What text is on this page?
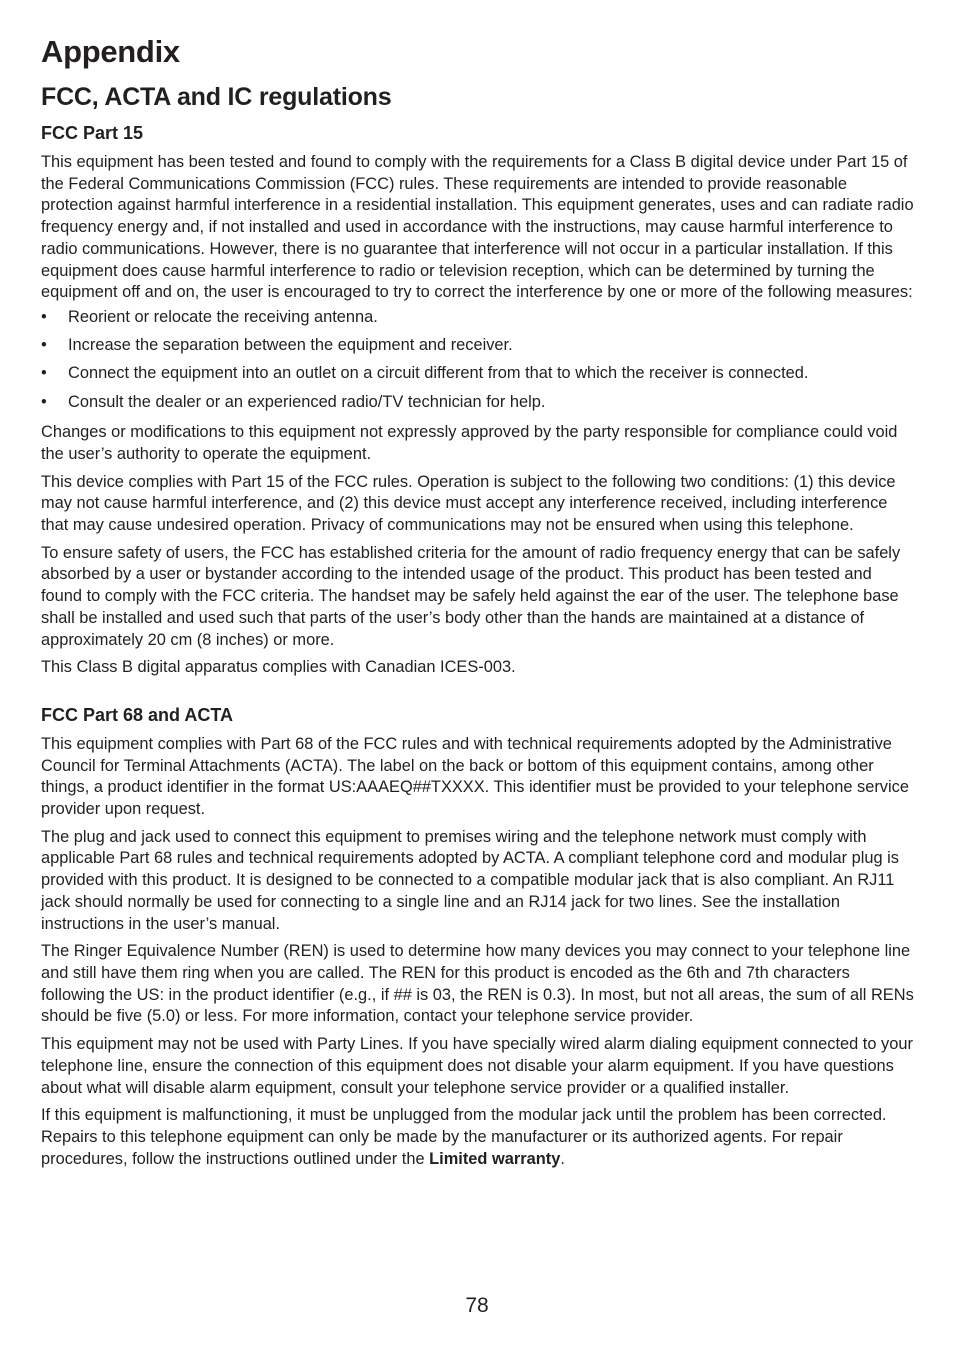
Appendix
FCC, ACTA and IC regulations
FCC Part 15

This equipment has been tested and found to comply with the requirements for a Class B digital device under Part 15 of the Federal Communications Commission (FCC) rules. These requirements are intended to provide reasonable protection against harmful interference in a residential installation. This equipment generates, uses and can radiate radio frequency energy and, if not installed and used in accordance with the instructions, may cause harmful interference to radio communications. However, there is no guarantee that interference will not occur in a particular installation. If this equipment does cause harmful interference to radio or television reception, which can be determined by turning the equipment off and on, the user is encouraged to try to correct the interference by one or more of the following measures:

• Reorient or relocate the receiving antenna.
• Increase the separation between the equipment and receiver.
• Connect the equipment into an outlet on a circuit different from that to which the receiver is connected.
• Consult the dealer or an experienced radio/TV technician for help.

Changes or modifications to this equipment not expressly approved by the party responsible for compliance could void the user’s authority to operate the equipment.

This device complies with Part 15 of the FCC rules. Operation is subject to the following two conditions: (1) this device may not cause harmful interference, and (2) this device must accept any interference received, including interference that may cause undesired operation. Privacy of communications may not be ensured when using this telephone.

To ensure safety of users, the FCC has established criteria for the amount of radio frequency energy that can be safely absorbed by a user or bystander according to the intended usage of the product. This product has been tested and found to comply with the FCC criteria. The handset may be safely held against the ear of the user. The telephone base shall be installed and used such that parts of the user’s body other than the hands are maintained at a distance of approximately 20 cm (8 inches) or more.

This Class B digital apparatus complies with Canadian ICES-003.

FCC Part 68 and ACTA

This equipment complies with Part 68 of the FCC rules and with technical requirements adopted by the Administrative Council for Terminal Attachments (ACTA). The label on the back or bottom of this equipment contains, among other things, a product identifier in the format US:AAAEQ##TXXXX. This identifier must be provided to your telephone service provider upon request.

The plug and jack used to connect this equipment to premises wiring and the telephone network must comply with applicable Part 68 rules and technical requirements adopted by ACTA. A compliant telephone cord and modular plug is provided with this product. It is designed to be connected to a compatible modular jack that is also compliant. An RJ11 jack should normally be used for connecting to a single line and an RJ14 jack for two lines. See the installation instructions in the user’s manual.

The Ringer Equivalence Number (REN) is used to determine how many devices you may connect to your telephone line and still have them ring when you are called. The REN for this product is encoded as the 6th and 7th characters following the US: in the product identifier (e.g., if ## is 03, the REN is 0.3). In most, but not all areas, the sum of all RENs should be five (5.0) or less. For more information, contact your telephone service provider.

This equipment may not be used with Party Lines. If you have specially wired alarm dialing equipment connected to your telephone line, ensure the connection of this equipment does not disable your alarm equipment. If you have questions about what will disable alarm equipment, consult your telephone service provider or a qualified installer.

If this equipment is malfunctioning, it must be unplugged from the modular jack until the problem has been corrected. Repairs to this telephone equipment can only be made by the manufacturer or its authorized agents. For repair procedures, follow the instructions outlined under the Limited warranty.

78
